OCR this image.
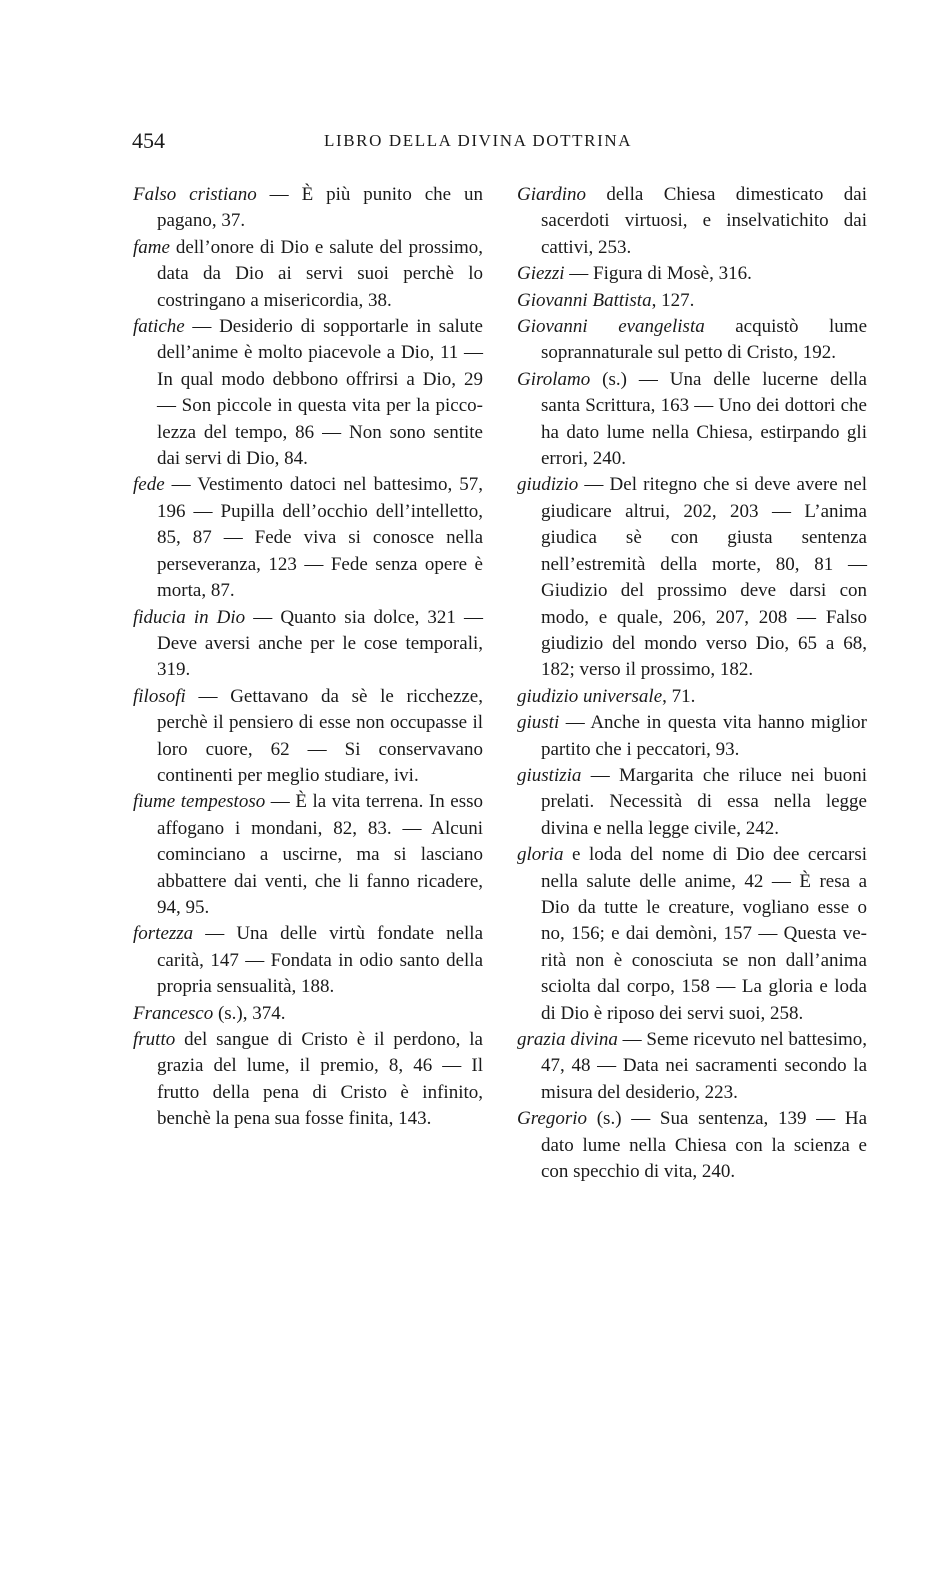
454	LIBRO DELLA DIVINA DOTTRINA

Falso cristiano — È più punito che un pagano, 37.

fame dell’onore di Dio e salute del prossimo, data da Dio ai servi suoi perchè lo costringano a misericordia, 38.

fatiche — Desiderio di sopportarle in salute dell’anime è molto piacevole a Dio, 11 — In qual modo debbono offrirsi a Dio, 29 — Son piccole in questa vita per la piccolezza del tempo, 86 — Non sono sentite dai servi di Dio, 84.

fede — Vestimento datoci nel battesimo, 57, 196 — Pupilla dell’occhio dell’intelletto, 85, 87 — Fede viva si conosce nella perseveranza, 123 — Fede senza opere è morta, 87.

fiducia in Dio — Quanto sia dolce, 321 — Deve aversi anche per le cose temporali, 319.

filosofi — Gettavano da sè le ricchezze, perchè il pensiero di esse non occupasse il loro cuore, 62 — Si conservavano continenti per meglio studiare, ivi.

fiume tempestoso — È la vita terrena. In esso affogano i mondani, 82, 83. — Alcuni cominciano a uscirne, ma si lasciano abbattere dai venti, che li fanno ricadere, 94, 95.

fortezza — Una delle virtù fondate nella carità, 147 — Fondata in odio santo della propria sensualità, 188.

Francesco (s.), 374.

frutto del sangue di Cristo è il perdono, la grazia del lume, il premio, 8, 46 — Il frutto della pena di Cristo è infinito, benchè la pena sua fosse finita, 143.

Giardino della Chiesa dimesticato dai sacerdoti virtuosi, e inselvatichito dai cattivi, 253.

Giezzi — Figura di Mosè, 316.

Giovanni Battista, 127.

Giovanni evangelista acquistò lume soprannaturale sul petto di Cristo, 192.

Girolamo (s.) — Una delle lucerne della santa Scrittura, 163 — Uno dei dottori che ha dato lume nella Chiesa, estirpando gli errori, 240.

giudizio — Del ritegno che si deve avere nel giudicare altrui, 202, 203 — L’anima giudica sè con giusta sentenza nell’estremità della morte, 80, 81 — Giudizio del prossimo deve darsi con modo, e quale, 206, 207, 208 — Falso giudizio del mondo verso Dio, 65 a 68, 182; verso il prossimo, 182.

giudizio universale, 71.

giusti — Anche in questa vita hanno miglior partito che i peccatori, 93.

giustizia — Margarita che riluce nei buoni prelati. Necessità di essa nella legge divina e nella legge civile, 242.

gloria e loda del nome di Dio dee cercarsi nella salute delle anime, 42 — È resa a Dio da tutte le creature, vogliano esse o no, 156; e dai demòni, 157 — Questa verità non è conosciuta se non dall’anima sciolta dal corpo, 158 — La gloria e loda di Dio è riposo dei servi suoi, 258.

grazia divina — Seme ricevuto nel battesimo, 47, 48 — Data nei sacramenti secondo la misura del desiderio, 223.

Gregorio (s.) — Sua sentenza, 139 — Ha dato lume nella Chiesa con la scienza e con specchio di vita, 240.
